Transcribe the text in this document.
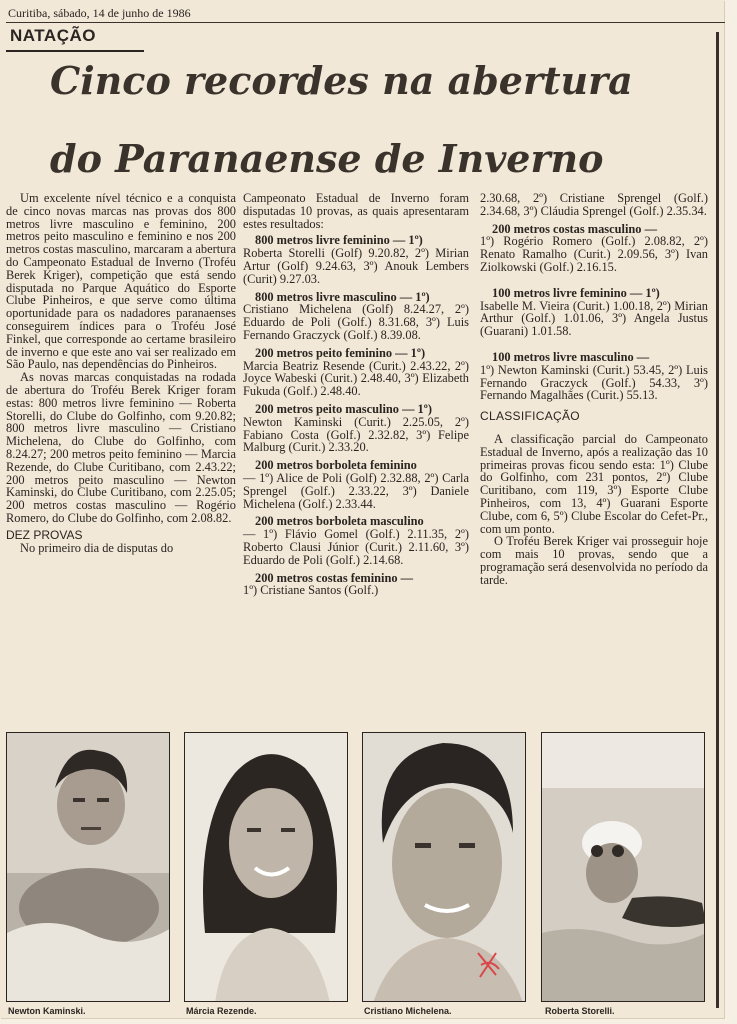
Curitiba, sábado, 14 de junho de 1986
NATAÇÃO
Cinco recordes na abertura
do Paranaense de Inverno

Um excelente nível técnico e a conquista de cinco novas marcas nas provas dos 800 metros livre masculino e feminino, 200 metros peito masculino e feminino e nos 200 metros costas masculino, marcaram a abertura do Campeonato Estadual de Inverno (Troféu Berek Kriger), competição que está sendo disputada no Parque Aquático do Esporte Clube Pinheiros, e que serve como última oportunidade para os nadadores paranaenses conseguirem índices para o Troféu José Finkel, que corresponde ao certame brasileiro de inverno e que este ano vai ser realizado em São Paulo, nas dependências do Pinheiros.

As novas marcas conquistadas na rodada de abertura do Troféu Berek Kriger foram estas: 800 metros livre feminino — Roberta Storelli, do Clube do Golfinho, com 9.20.82; 800 metros livre masculino — Cristiano Michelena, do Clube do Golfinho, com 8.24.27; 200 metros peito feminino — Marcia Rezende, do Clube Curitibano, com 2.43.22; 200 metros peito masculino — Newton Kaminski, do Clube Curitibano, com 2.25.05; 200 metros costas masculino — Rogério Romero, do Clube do Golfinho, com 2.08.82.

DEZ PROVAS

No primeiro dia de disputas do

Campeonato Estadual de Inverno foram disputadas 10 provas, as quais apresentaram estes resultados:

800 metros livre feminino — 1º)

Roberta Storelli (Golf) 9.20.82, 2º) Mirian Artur (Golf) 9.24.63, 3º) Anouk Lembers (Curit) 9.27.03.

800 metros livre masculino — 1º)

Cristiano Michelena (Golf) 8.24.27, 2º) Eduardo de Poli (Golf.) 8.31.68, 3º) Luis Fernando Graczyck (Golf.) 8.39.08.

200 metros peito feminino — 1º)

Marcia Beatriz Resende (Curit.) 2.43.22, 2º) Joyce Wabeski (Curit.) 2.48.40, 3º) Elizabeth Fukuda (Golf.) 2.48.40.

200 metros peito masculino — 1º)

Newton Kaminski (Curit.) 2.25.05, 2º) Fabiano Costa (Golf.) 2.32.82, 3º) Felipe Malburg (Curit.) 2.33.20.

200 metros borboleta feminino

— 1º) Alice de Poli (Golf) 2.32.88, 2º) Carla Sprengel (Golf.) 2.33.22, 3º) Daniele Michelena (Golf.) 2.33.44.

200 metros borboleta masculino

— 1º) Flávio Gomel (Golf.) 2.11.35, 2º) Roberto Clausi Júnior (Curit.) 2.11.60, 3º) Eduardo de Poli (Golf.) 2.14.68.

200 metros costas feminino —

1º) Cristiane Santos (Golf.)

2.30.68, 2º) Cristiane Sprengel (Golf.) 2.34.68, 3º) Cláudia Sprengel (Golf.) 2.35.34.

200 metros costas masculino —

1º) Rogério Romero (Golf.) 2.08.82, 2º) Renato Ramalho (Curit.) 2.09.56, 3º) Ivan Ziolkowski (Golf.) 2.16.15.

100 metros livre feminino — 1º)

Isabelle M. Vieira (Curit.) 1.00.18, 2º) Mirian Arthur (Golf.) 1.01.06, 3º) Angela Justus (Guarani) 1.01.58.

100 metros livre masculino —

1º) Newton Kaminski (Curit.) 53.45, 2º) Luis Fernando Graczyck (Golf.) 54.33, 3º) Fernando Magalhães (Curit.) 55.13.

CLASSIFICAÇÃO

A classificação parcial do Campeonato Estadual de Inverno, após a realização das 10 primeiras provas ficou sendo esta: 1º) Clube do Golfinho, com 231 pontos, 2º) Clube Curitibano, com 119, 3º) Esporte Clube Pinheiros, com 13, 4º) Guarani Esporte Clube, com 6, 5º) Clube Escolar do Cefet-Pr., com um ponto.

O Troféu Berek Kriger vai prosseguir hoje com mais 10 provas, sendo que a programação será desenvolvida no período da tarde.

Newton Kaminski.	Márcia Rezende.	Cristiano Michelena.	Roberta Storelli.
